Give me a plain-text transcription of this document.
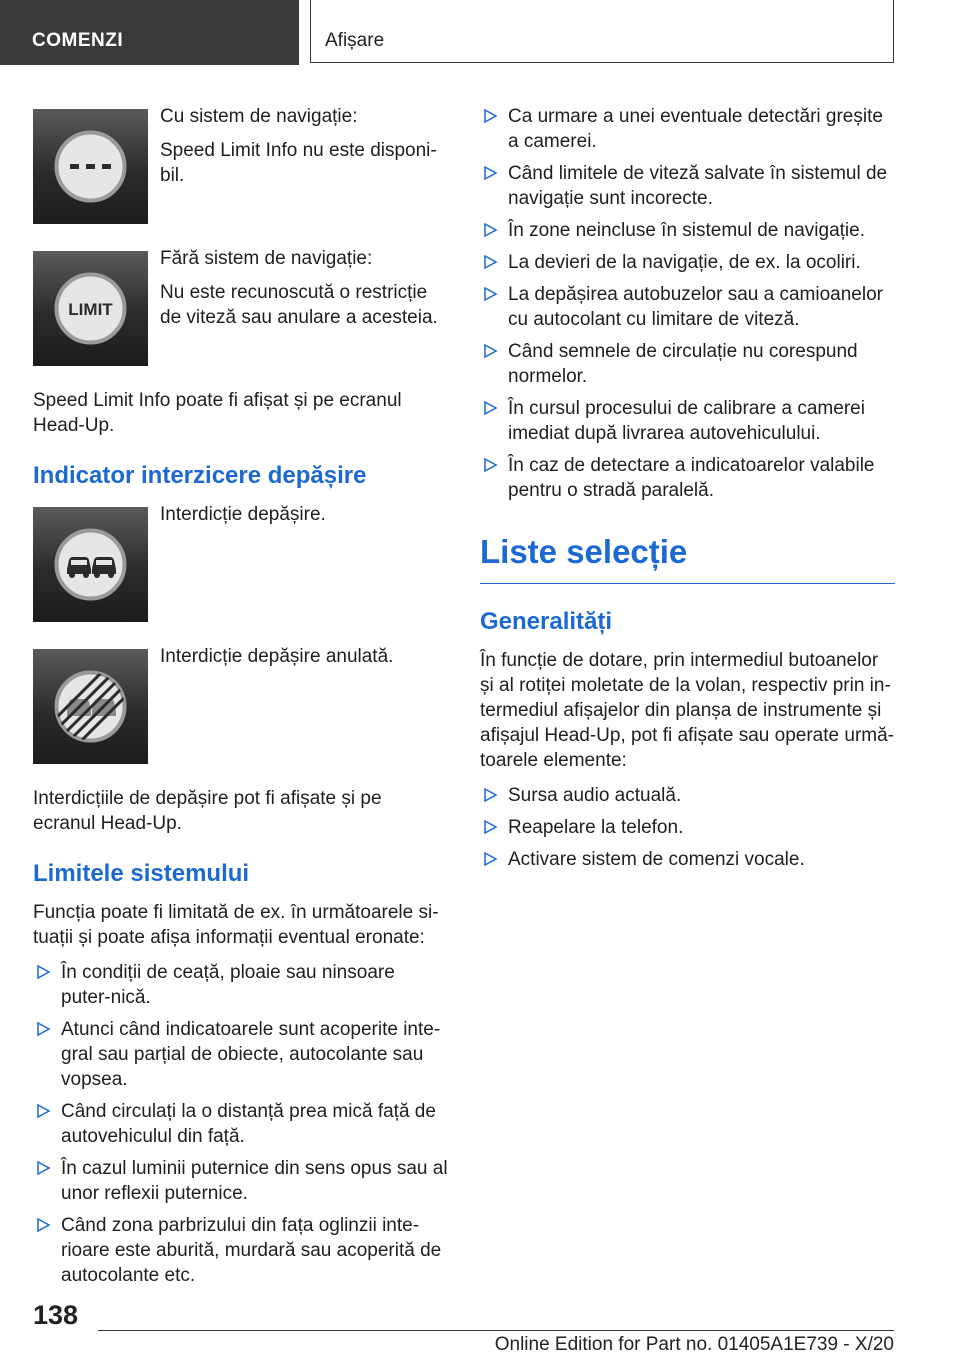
COMENZI	Afișare

Cu sistem de navigație:

Speed Limit Info nu este disponi‐bil.

LIMIT

Fără sistem de navigație:

Nu este recunoscută o restricție de viteză sau anulare a acesteia.

Speed Limit Info poate fi afișat și pe ecranul Head-Up.

Indicator interzicere depășire

Interdicție depășire.

Interdicție depășire anulată.

Interdicțiile de depășire pot fi afișate și pe ecranul Head-Up.

Limitele sistemului

Funcția poate fi limitată de ex. în următoarele si‐tuații și poate afișa informații eventual eronate:

În condiții de ceață, ploaie sau ninsoare puter‐nică.
Atunci când indicatoarele sunt acoperite inte‐gral sau parțial de obiecte, autocolante sau vopsea.
Când circulați la o distanță prea mică față de autovehiculul din față.
În cazul luminii puternice din sens opus sau al unor reflexii puternice.
Când zona parbrizului din fața oglinzii inte‐rioare este aburită, murdară sau acoperită de autocolante etc.
Ca urmare a unei eventuale detectări greșite a camerei.
Când limitele de viteză salvate în sistemul de navigație sunt incorecte.
În zone neincluse în sistemul de navigație.
La devieri de la navigație, de ex. la ocoliri.
La depășirea autobuzelor sau a camioanelor cu autocolant cu limitare de viteză.
Când semnele de circulație nu corespund normelor.
În cursul procesului de calibrare a camerei imediat după livrarea autovehiculului.
În caz de detectare a indicatoarelor valabile pentru o stradă paralelă.
Liste selecție
Generalități

În funcție de dotare, prin intermediul butoanelor și al rotiței moletate de la volan, respectiv prin in‐termediul afișajelor din planșa de instrumente și afișajul Head-Up, pot fi afișate sau operate urmă‐toarele elemente:

Sursa audio actuală.
Reapelare la telefon.
Activare sistem de comenzi vocale.
138
Online Edition for Part no. 01405A1E739 - X/20
